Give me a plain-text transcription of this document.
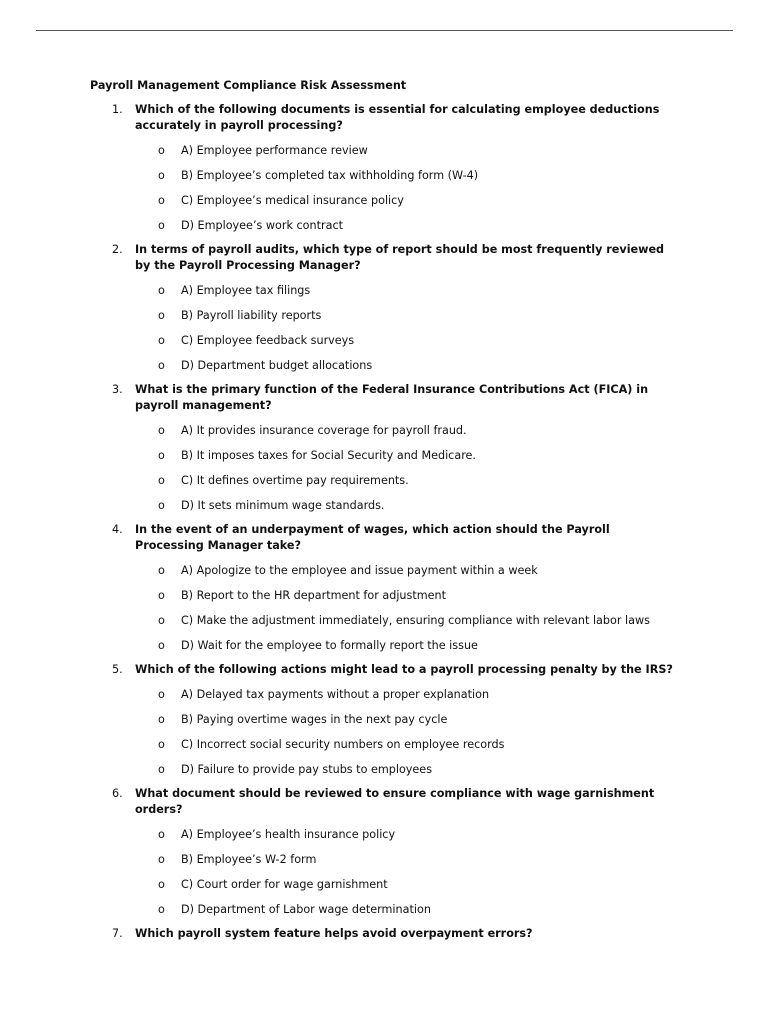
Payroll Management Compliance Risk Assessment
1. Which of the following documents is essential for calculating employee deductions accurately in payroll processing?
o A) Employee performance review
o B) Employee’s completed tax withholding form (W-4)
o C) Employee’s medical insurance policy
o D) Employee’s work contract
2. In terms of payroll audits, which type of report should be most frequently reviewed by the Payroll Processing Manager?
o A) Employee tax filings
o B) Payroll liability reports
o C) Employee feedback surveys
o D) Department budget allocations
3. What is the primary function of the Federal Insurance Contributions Act (FICA) in payroll management?
o A) It provides insurance coverage for payroll fraud.
o B) It imposes taxes for Social Security and Medicare.
o C) It defines overtime pay requirements.
o D) It sets minimum wage standards.
4. In the event of an underpayment of wages, which action should the Payroll Processing Manager take?
o A) Apologize to the employee and issue payment within a week
o B) Report to the HR department for adjustment
o C) Make the adjustment immediately, ensuring compliance with relevant labor laws
o D) Wait for the employee to formally report the issue
5. Which of the following actions might lead to a payroll processing penalty by the IRS?
o A) Delayed tax payments without a proper explanation
o B) Paying overtime wages in the next pay cycle
o C) Incorrect social security numbers on employee records
o D) Failure to provide pay stubs to employees
6. What document should be reviewed to ensure compliance with wage garnishment orders?
o A) Employee’s health insurance policy
o B) Employee’s W-2 form
o C) Court order for wage garnishment
o D) Department of Labor wage determination
7. Which payroll system feature helps avoid overpayment errors?
